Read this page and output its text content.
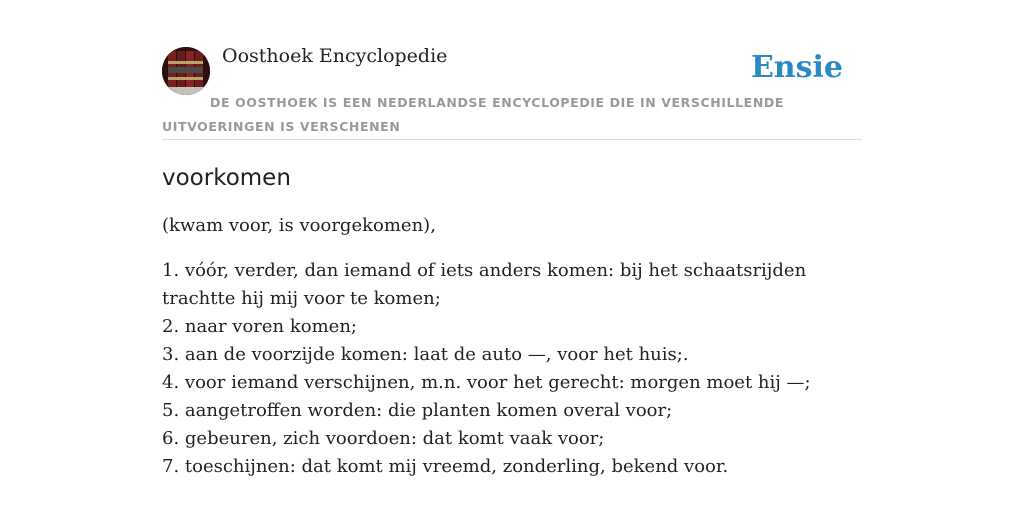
Oosthoek Encyclopedie	Ensie
DE OOSTHOEK IS EEN NEDERLANDSE ENCYCLOPEDIE DIE IN VERSCHILLENDE UITVOERINGEN IS VERSCHENEN
voorkomen

(kwam voor, is voorgekomen),

1. vóór, verder, dan iemand of iets anders komen: bij het schaatsrijden trachtte hij mij voor te komen;
2. naar voren komen;
3. aan de voorzijde komen: laat de auto —, voor het huis;.
4. voor iemand verschijnen, m.n. voor het gerecht: morgen moet hij —;
5. aangetroffen worden: die planten komen overal voor;
6. gebeuren, zich voordoen: dat komt vaak voor;
7. toeschijnen: dat komt mij vreemd, zonderling, bekend voor.
